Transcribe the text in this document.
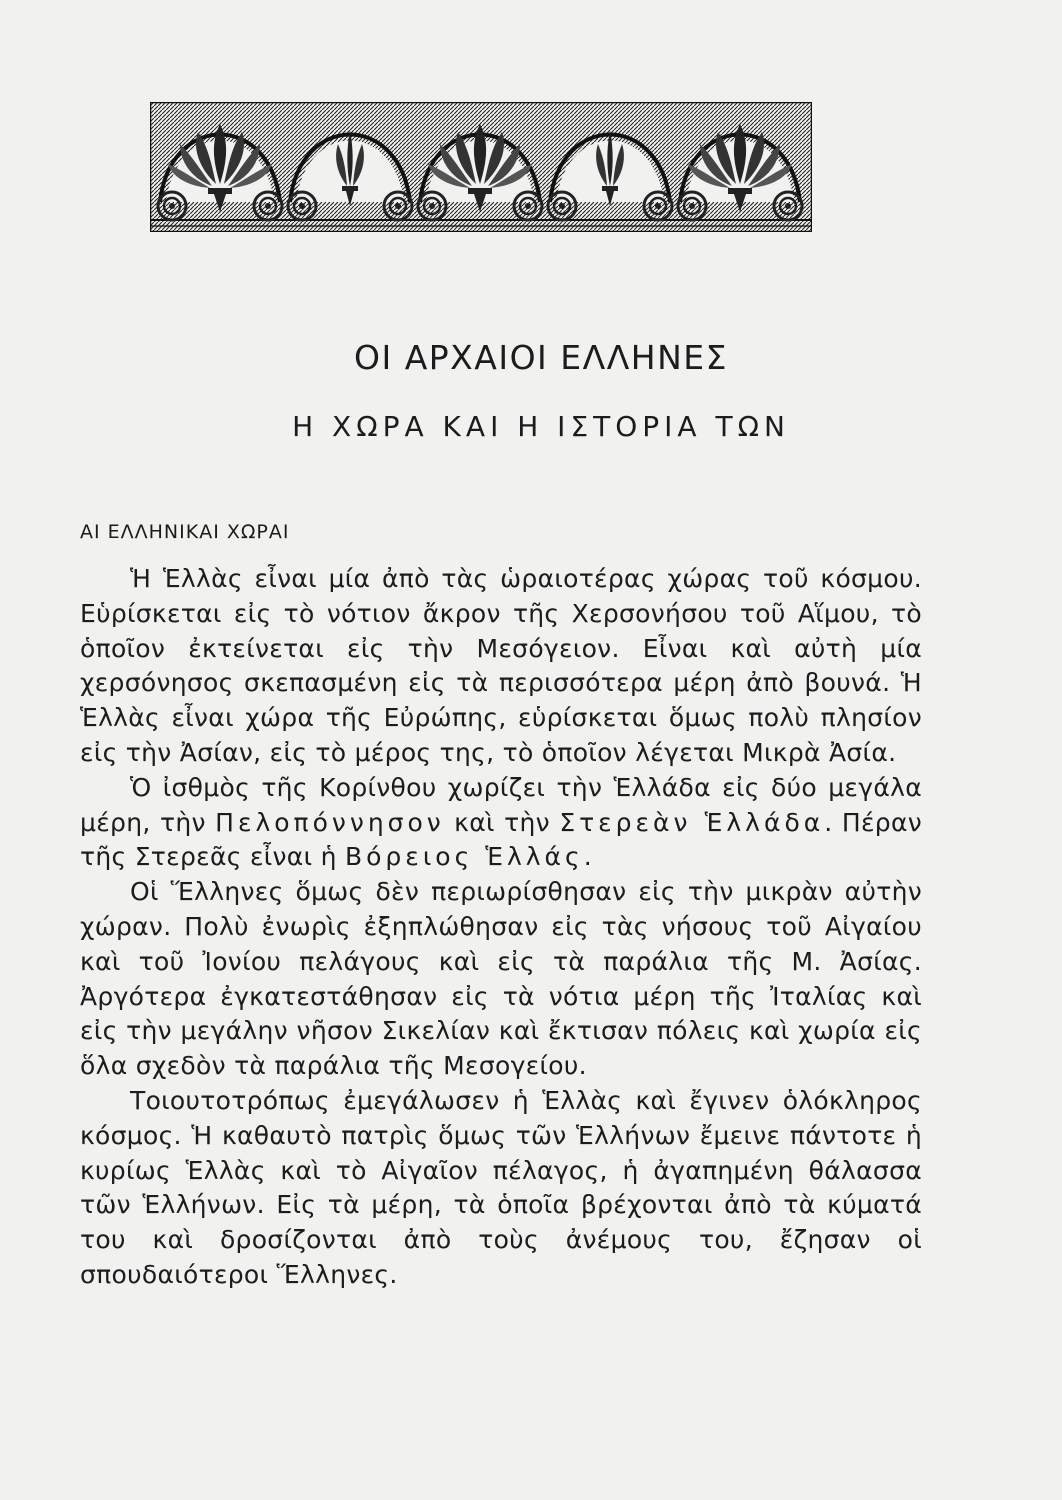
ΟΙ ΑΡΧΑΙΟΙ ΕΛΛΗΝΕΣ
Η ΧΩΡΑ ΚΑΙ Η ΙΣΤΟΡΙΑ ΤΩΝ
ΑΙ ΕΛΛΗΝΙΚΑΙ ΧΩΡΑΙ

Ἡ Ἑλλὰς εἶναι μία ἀπὸ τὰς ὡραιοτέρας χώρας τοῦ κόσμου. Εὑρίσκεται εἰς τὸ νότιον ἄκρον τῆς Χερσονήσου τοῦ Αἵμου, τὸ ὁποῖον ἐκτείνεται εἰς τὴν Μεσόγειον. Εἶναι καὶ αὐτὴ μία χερσόνησος σκεπασμένη εἰς τὰ περισσότερα μέρη ἀπὸ βουνά. Ἡ Ἑλλὰς εἶναι χώρα τῆς Εὐρώπης, εὑρίσκεται ὅμως πολὺ πλησίον εἰς τὴν Ἀσίαν, εἰς τὸ μέρος της, τὸ ὁποῖον λέγεται Μικρὰ Ἀσία.

Ὁ ἰσθμὸς τῆς Κορίνθου χωρίζει τὴν Ἑλλάδα εἰς δύο μεγάλα μέρη, τὴν Πελοπόννησον καὶ τὴν Στερεὰν Ἑλλάδα. Πέραν τῆς Στερεᾶς εἶναι ἡ Βόρειος Ἑλλάς.

Οἱ Ἕλληνες ὅμως δὲν περιωρίσθησαν εἰς τὴν μικρὰν αὐτὴν χώραν. Πολὺ ἐνωρὶς ἐξηπλώθησαν εἰς τὰς νήσους τοῦ Αἰγαίου καὶ τοῦ Ἰονίου πελάγους καὶ εἰς τὰ παράλια τῆς Μ. Ἀσίας. Ἀργότερα ἐγκατεστάθησαν εἰς τὰ νότια μέρη τῆς Ἰταλίας καὶ εἰς τὴν μεγάλην νῆσον Σικελίαν καὶ ἔκτισαν πόλεις καὶ χωρία εἰς ὅλα σχεδὸν τὰ παράλια τῆς Μεσογείου.

Τοιουτοτρόπως ἐμεγάλωσεν ἡ Ἑλλὰς καὶ ἔγινεν ὁλόκληρος κόσμος. Ἡ καθαυτὸ πατρὶς ὅμως τῶν Ἑλλήνων ἔμεινε πάντοτε ἡ κυρίως Ἑλλὰς καὶ τὸ Αἰγαῖον πέλαγος, ἡ ἀγαπημένη θάλασσα τῶν Ἑλλήνων. Εἰς τὰ μέρη, τὰ ὁποῖα βρέχονται ἀπὸ τὰ κύματά του καὶ δροσίζονται ἀπὸ τοὺς ἀνέμους του, ἔζησαν οἱ σπουδαιότεροι Ἕλληνες.
